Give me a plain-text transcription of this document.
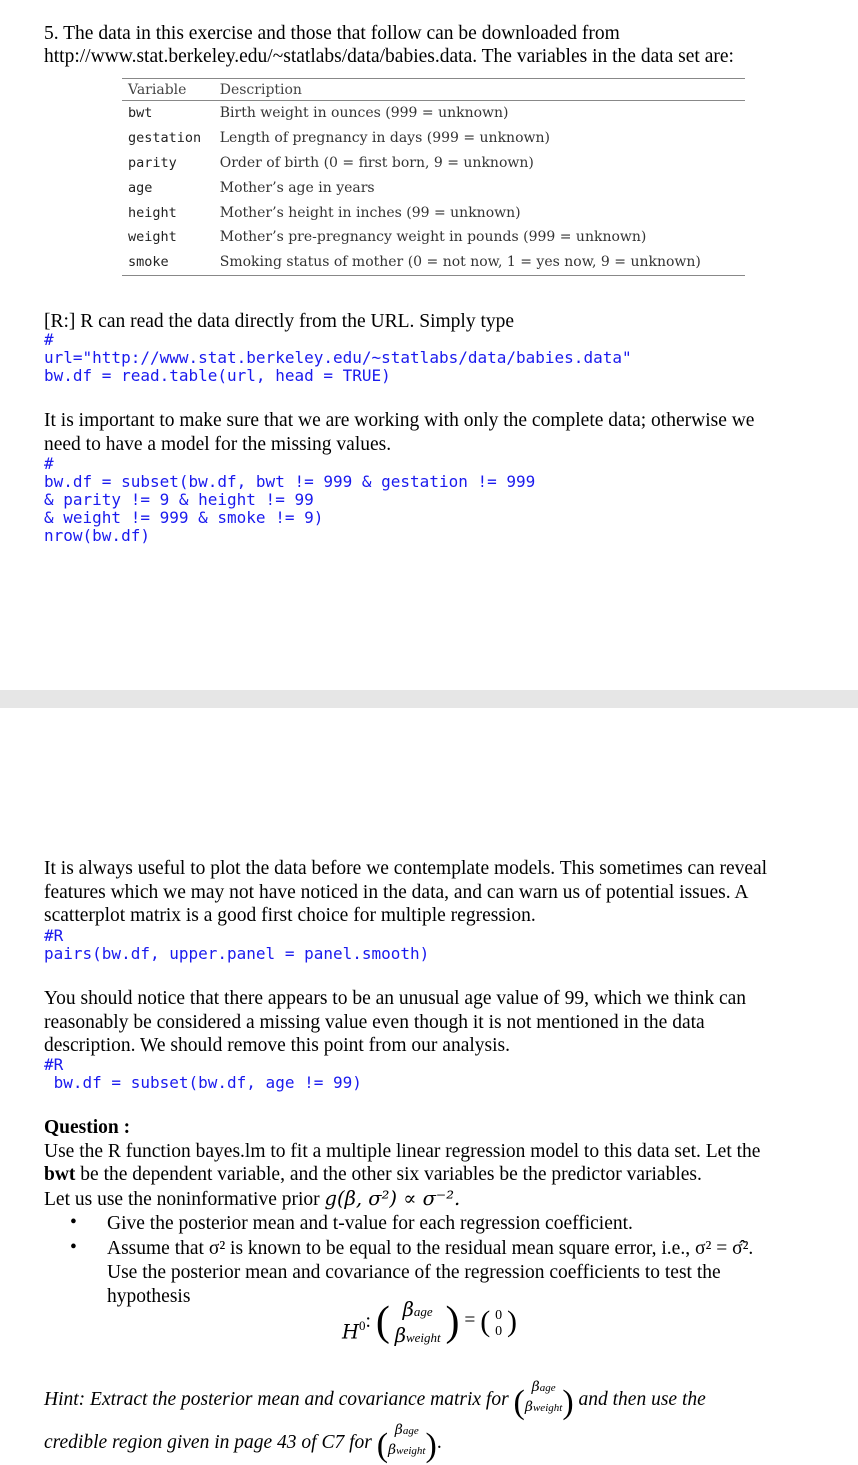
5. The data in this exercise and those that follow can be downloaded from
http://www.stat.berkeley.edu/~statlabs/data/babies.data. The variables in the data set are:
Variable	Description
bwt	Birth weight in ounces (999 = unknown)
gestation	Length of pregnancy in days (999 = unknown)
parity	Order of birth (0 = first born, 9 = unknown)
age	Mother’s age in years
height	Mother’s height in inches (99 = unknown)
weight	Mother’s pre-pregnancy weight in pounds (999 = unknown)
smoke	Smoking status of mother (0 = not now, 1 = yes now, 9 = unknown)
[R:] R can read the data directly from the URL. Simply type
#
url="http://www.stat.berkeley.edu/~statlabs/data/babies.data"
bw.df = read.table(url, head = TRUE)
It is important to make sure that we are working with only the complete data; otherwise we
need to have a model for the missing values.
#
bw.df = subset(bw.df, bwt != 999 & gestation != 999
& parity != 9 & height != 99
& weight != 999 & smoke != 9)
nrow(bw.df)
It is always useful to plot the data before we contemplate models. This sometimes can reveal
features which we may not have noticed in the data, and can warn us of potential issues. A
scatterplot matrix is a good first choice for multiple regression.
#R
pairs(bw.df, upper.panel = panel.smooth)
You should notice that there appears to be an unusual age value of 99, which we think can
reasonably be considered a missing value even though it is not mentioned in the data
description. We should remove this point from our analysis.
#R
bw.df = subset(bw.df, age != 99)
Question :
Use the R function bayes.lm to fit a multiple linear regression model to this data set. Let the
bwt be the dependent variable, and the other six variables be the predictor variables.
Let us use the noninformative prior g(β, σ²) ∝ σ⁻².
• Give the posterior mean and t-value for each regression coefficient.
• Assume that σ² is known to be equal to the residual mean square error, i.e., σ² = σ̂².
Use the posterior mean and covariance of the regression coefficients to test the
hypothesis
$H^0$: ( βage
βweight ) = ( 0
0 )
Hint: Extract the posterior mean and covariance matrix for ( βage
βweight ) and then use the
credible region given in page 43 of C7 for ( βage
βweight ).
